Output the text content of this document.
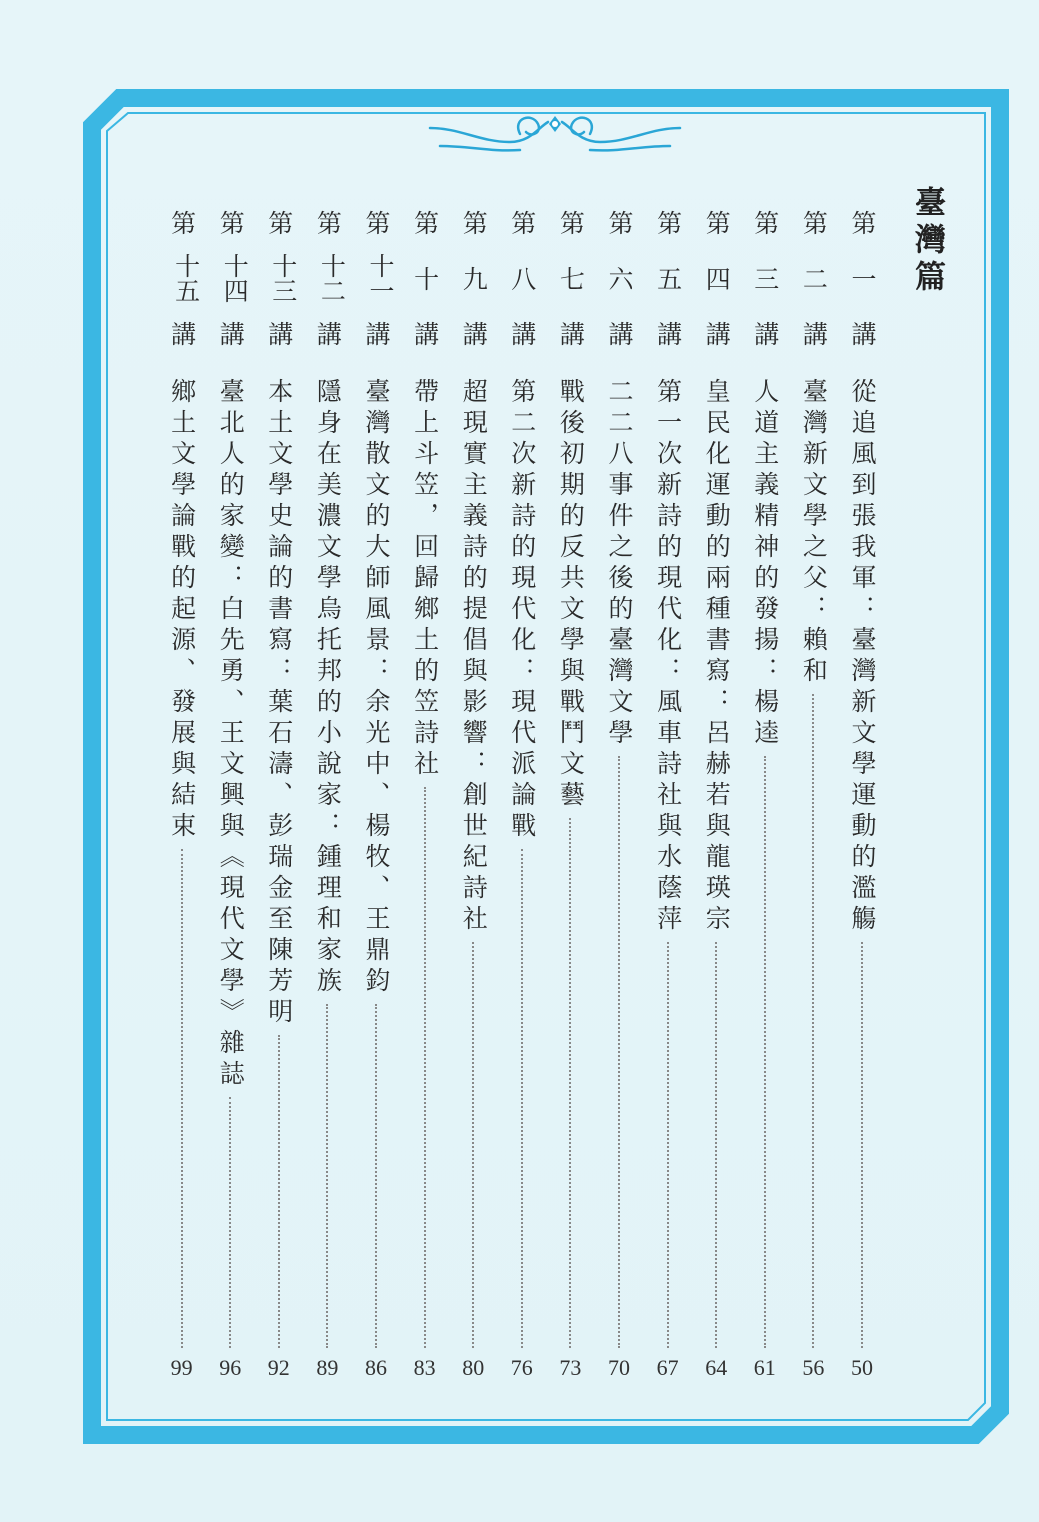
臺灣篇
第
一
講
從追風到張我軍：臺灣新文學運動的濫觴
50
第
二
講
臺灣新文學之父：賴和
56
第
三
講
人道主義精神的發揚：楊逵
61
第
四
講
皇民化運動的兩種書寫：呂赫若與龍瑛宗
64
第
五
講
第一次新詩的現代化：風車詩社與水蔭萍
67
第
六
講
二二八事件之後的臺灣文學
70
第
七
講
戰後初期的反共文學與戰鬥文藝
73
第
八
講
第二次新詩的現代化：現代派論戰
76
第
九
講
超現實主義詩的提倡與影響：創世紀詩社
80
第
十
講
帶上斗笠，回歸鄉土的笠詩社
83
第
十一
講
臺灣散文的大師風景：余光中、楊牧、王鼎鈞
86
第
十二
講
隱身在美濃文學烏托邦的小說家：鍾理和家族
89
第
十三
講
本土文學史論的書寫：葉石濤、彭瑞金至陳芳明
92
第
十四
講
臺北人的家變：白先勇、王文興與《現代文學》雜誌
96
第
十五
講
鄉土文學論戰的起源、發展與結束
99
